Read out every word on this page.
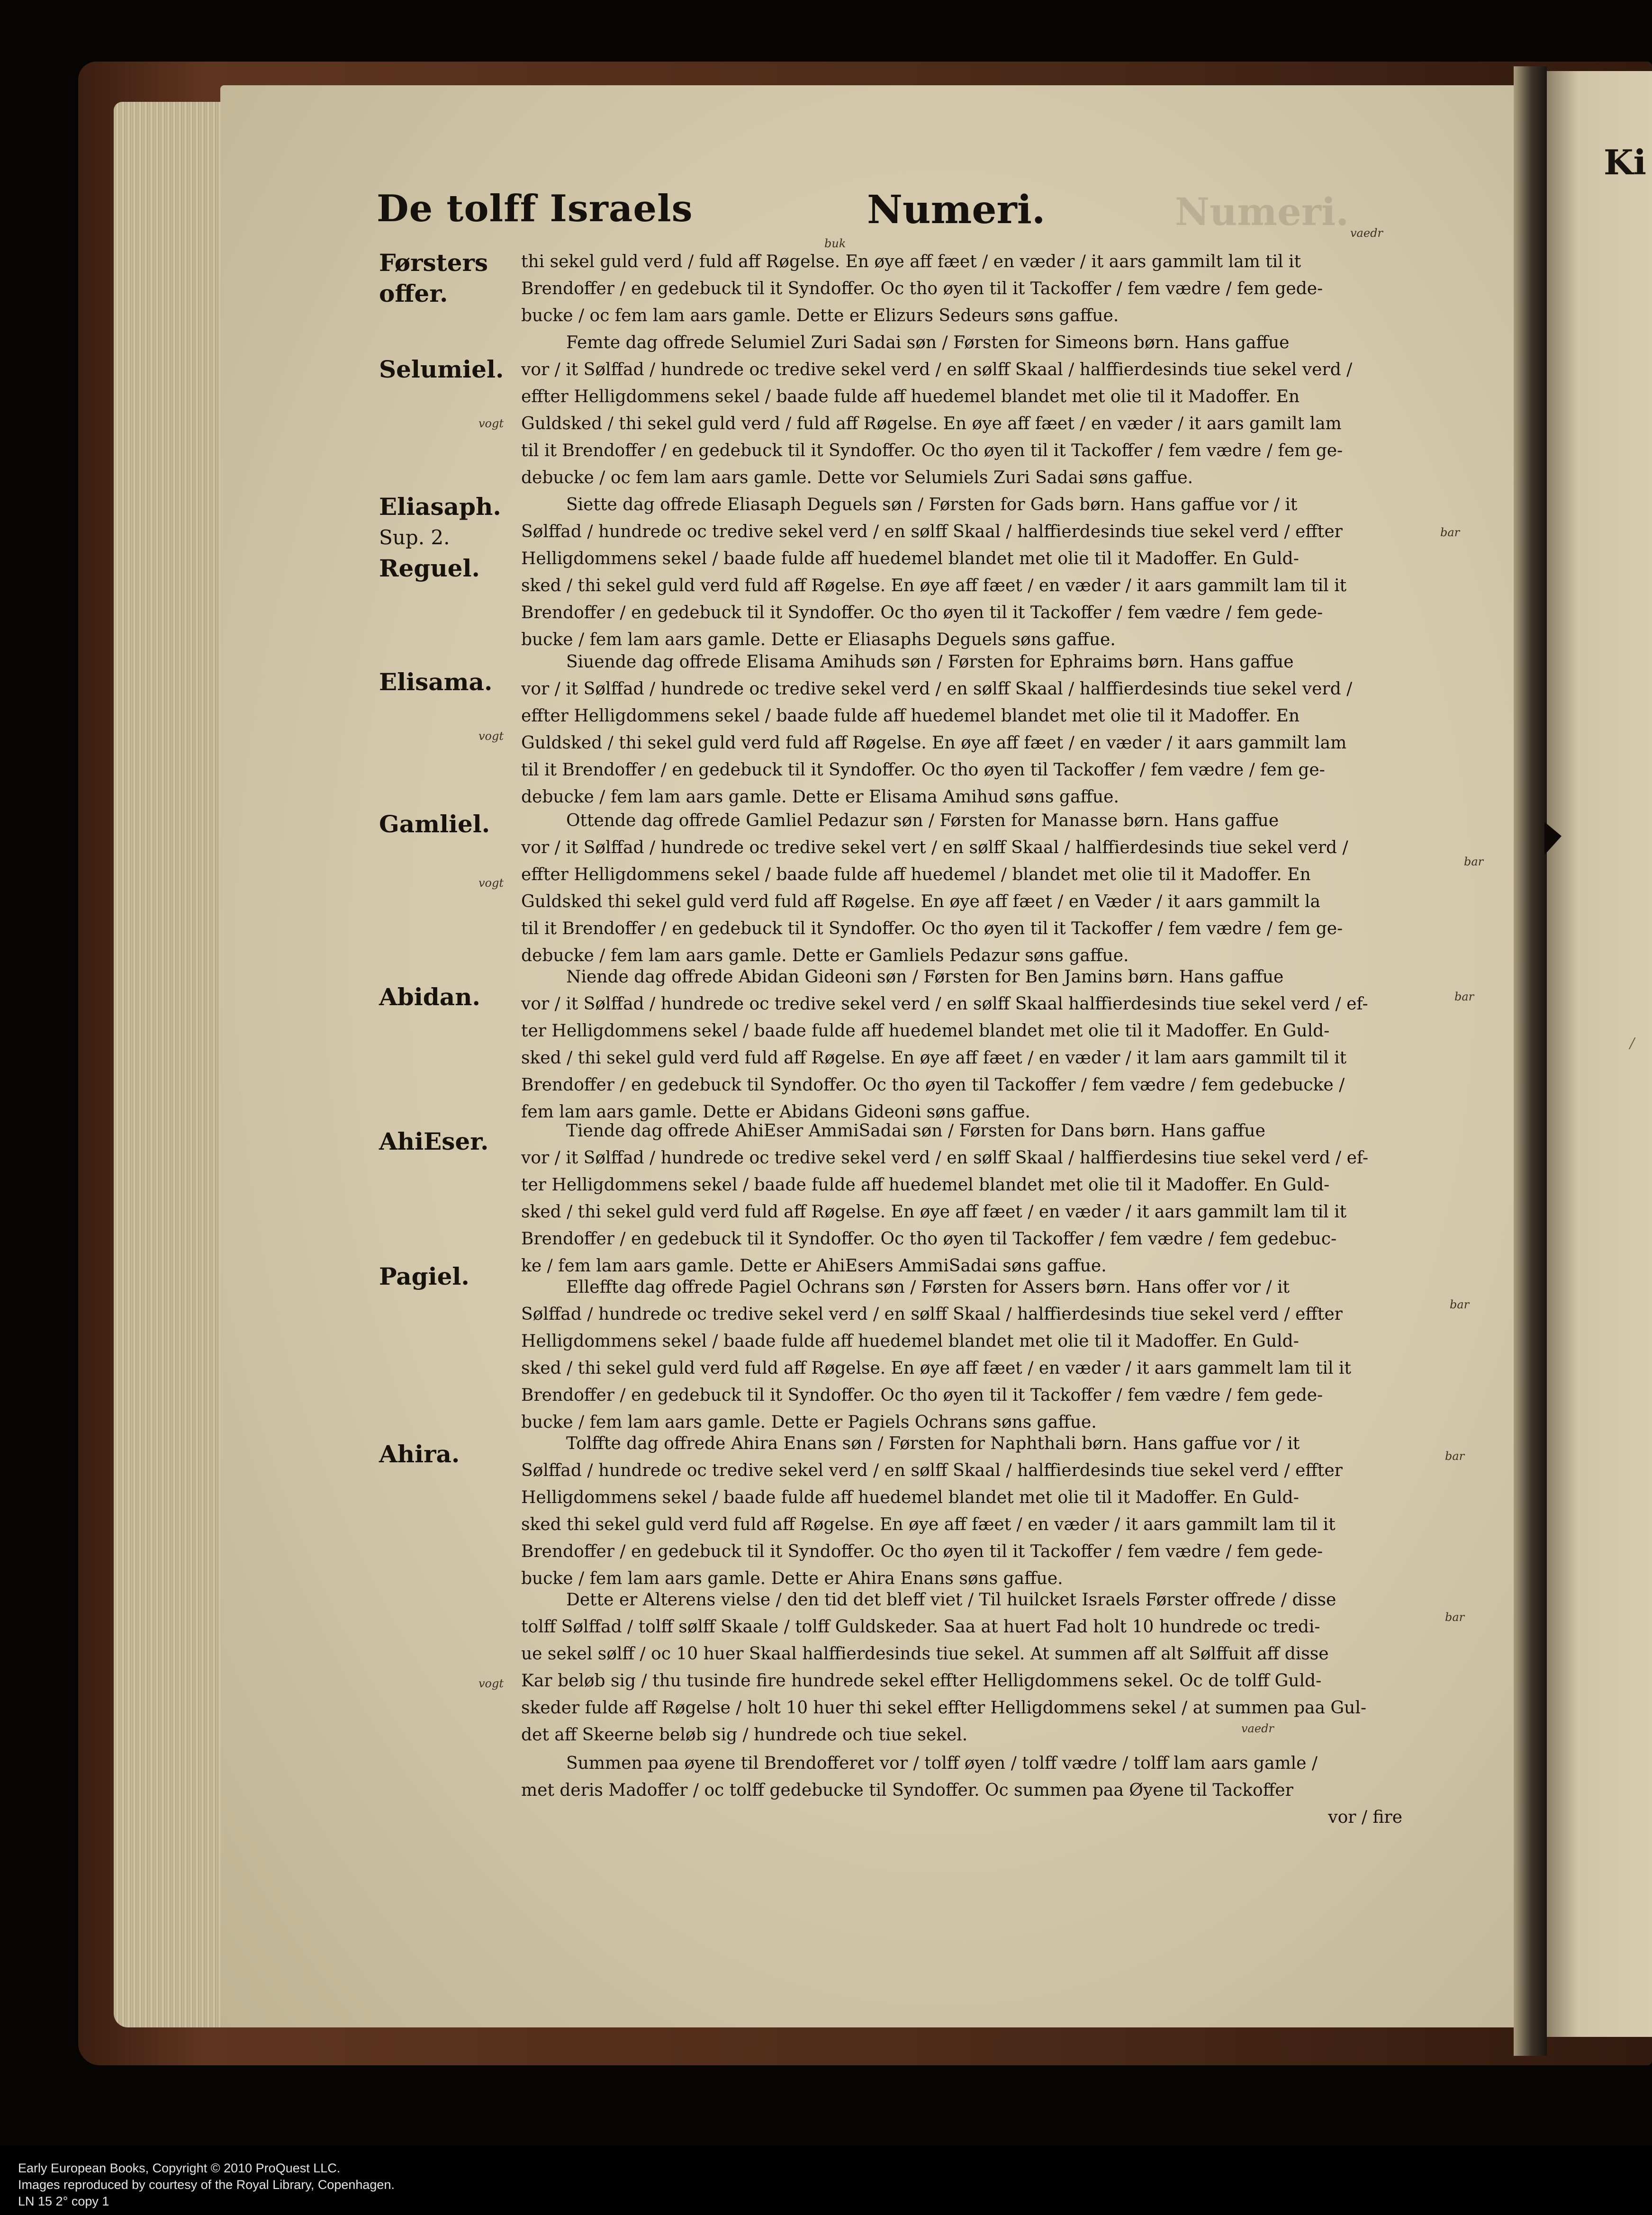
Ki
/
De tolff Israels	Numeri.	Numeri.
Førsters
offer.
Selumiel.
Eliasaph.
Sup. 2.
Reguel.
Elisama.
Gamliel.
Abidan.
AhiEser.
Pagiel.
Ahira.
vaedr
buk
vogt
vogt
vogt
vogt
bar
bar
bar
bar
bar
bar
vaedr
thi sekel guld verd / fuld aff Røgelse. En øye aff fæet / en væder / it aars gammilt lam til it
Brendoffer / en gedebuck til it Syndoffer. Oc tho øyen til it Tackoffer / fem vædre / fem gede-
bucke / oc fem lam aars gamle. Dette er Elizurs Sedeurs søns gaffue.
Femte dag offrede Selumiel Zuri Sadai søn / Førsten for Simeons børn. Hans gaffue
vor / it Sølffad / hundrede oc tredive sekel verd / en sølff Skaal / halffierdesinds tiue sekel verd /
effter Helligdommens sekel / baade fulde aff huedemel blandet met olie til it Madoffer. En
Guldsked / thi sekel guld verd / fuld aff Røgelse. En øye aff fæet / en væder / it aars gamilt lam
til it Brendoffer / en gedebuck til it Syndoffer. Oc tho øyen til it Tackoffer / fem vædre / fem ge-
debucke / oc fem lam aars gamle. Dette vor Selumiels Zuri Sadai søns gaffue.
Siette dag offrede Eliasaph Deguels søn / Førsten for Gads børn. Hans gaffue vor / it
Sølffad / hundrede oc tredive sekel verd / en sølff Skaal / halffierdesinds tiue sekel verd / effter
Helligdommens sekel / baade fulde aff huedemel blandet met olie til it Madoffer. En Guld-
sked / thi sekel guld verd fuld aff Røgelse. En øye aff fæet / en væder / it aars gammilt lam til it
Brendoffer / en gedebuck til it Syndoffer. Oc tho øyen til it Tackoffer / fem vædre / fem gede-
bucke / fem lam aars gamle. Dette er Eliasaphs Deguels søns gaffue.
Siuende dag offrede Elisama Amihuds søn / Førsten for Ephraims børn. Hans gaffue
vor / it Sølffad / hundrede oc tredive sekel verd / en sølff Skaal / halffierdesinds tiue sekel verd /
effter Helligdommens sekel / baade fulde aff huedemel blandet met olie til it Madoffer. En
Guldsked / thi sekel guld verd fuld aff Røgelse. En øye aff fæet / en væder / it aars gammilt lam
til it Brendoffer / en gedebuck til it Syndoffer. Oc tho øyen til Tackoffer / fem vædre / fem ge-
debucke / fem lam aars gamle. Dette er Elisama Amihud søns gaffue.
Ottende dag offrede Gamliel Pedazur søn / Førsten for Manasse børn. Hans gaffue
vor / it Sølffad / hundrede oc tredive sekel vert / en sølff Skaal / halffierdesinds tiue sekel verd /
effter Helligdommens sekel / baade fulde aff huedemel / blandet met olie til it Madoffer. En
Guldsked thi sekel guld verd fuld aff Røgelse. En øye aff fæet / en Væder / it aars gammilt la
til it Brendoffer / en gedebuck til it Syndoffer. Oc tho øyen til it Tackoffer / fem vædre / fem ge-
debucke / fem lam aars gamle. Dette er Gamliels Pedazur søns gaffue.
Niende dag offrede Abidan Gideoni søn / Førsten for Ben Jamins børn. Hans gaffue
vor / it Sølffad / hundrede oc tredive sekel verd / en sølff Skaal halffierdesinds tiue sekel verd / ef-
ter Helligdommens sekel / baade fulde aff huedemel blandet met olie til it Madoffer. En Guld-
sked / thi sekel guld verd fuld aff Røgelse. En øye aff fæet / en væder / it lam aars gammilt til it
Brendoffer / en gedebuck til Syndoffer. Oc tho øyen til Tackoffer / fem vædre / fem gedebucke /
fem lam aars gamle. Dette er Abidans Gideoni søns gaffue.
Tiende dag offrede AhiEser AmmiSadai søn / Førsten for Dans børn. Hans gaffue
vor / it Sølffad / hundrede oc tredive sekel verd / en sølff Skaal / halffierdesins tiue sekel verd / ef-
ter Helligdommens sekel / baade fulde aff huedemel blandet met olie til it Madoffer. En Guld-
sked / thi sekel guld verd fuld aff Røgelse. En øye aff fæet / en væder / it aars gammilt lam til it
Brendoffer / en gedebuck til it Syndoffer. Oc tho øyen til Tackoffer / fem vædre / fem gedebuc-
ke / fem lam aars gamle. Dette er AhiEsers AmmiSadai søns gaffue.
Elleffte dag offrede Pagiel Ochrans søn / Førsten for Assers børn. Hans offer vor / it
Sølffad / hundrede oc tredive sekel verd / en sølff Skaal / halffierdesinds tiue sekel verd / effter
Helligdommens sekel / baade fulde aff huedemel blandet met olie til it Madoffer. En Guld-
sked / thi sekel guld verd fuld aff Røgelse. En øye aff fæet / en væder / it aars gammelt lam til it
Brendoffer / en gedebuck til it Syndoffer. Oc tho øyen til it Tackoffer / fem vædre / fem gede-
bucke / fem lam aars gamle. Dette er Pagiels Ochrans søns gaffue.
Tolffte dag offrede Ahira Enans søn / Førsten for Naphthali børn. Hans gaffue vor / it
Sølffad / hundrede oc tredive sekel verd / en sølff Skaal / halffierdesinds tiue sekel verd / effter
Helligdommens sekel / baade fulde aff huedemel blandet met olie til it Madoffer. En Guld-
sked thi sekel guld verd fuld aff Røgelse. En øye aff fæet / en væder / it aars gammilt lam til it
Brendoffer / en gedebuck til it Syndoffer. Oc tho øyen til it Tackoffer / fem vædre / fem gede-
bucke / fem lam aars gamle. Dette er Ahira Enans søns gaffue.
Dette er Alterens vielse / den tid det bleff viet / Til huilcket Israels Førster offrede / disse
tolff Sølffad / tolff sølff Skaale / tolff Guldskeder. Saa at huert Fad holt 10 hundrede oc tredi-
ue sekel sølff / oc 10 huer Skaal halffierdesinds tiue sekel. At summen aff alt Sølffuit aff disse
Kar beløb sig / thu tusinde fire hundrede sekel effter Helligdommens sekel. Oc de tolff Guld-
skeder fulde aff Røgelse / holt 10 huer thi sekel effter Helligdommens sekel / at summen paa Gul-
det aff Skeerne beløb sig / hundrede och tiue sekel.
Summen paa øyene til Brendofferet vor / tolff øyen / tolff vædre / tolff lam aars gamle /
met deris Madoffer / oc tolff gedebucke til Syndoffer. Oc summen paa Øyene til Tackoffer
vor / fire
Early European Books, Copyright © 2010 ProQuest LLC.
Images reproduced by courtesy of the Royal Library, Copenhagen.
LN 15 2° copy 1
